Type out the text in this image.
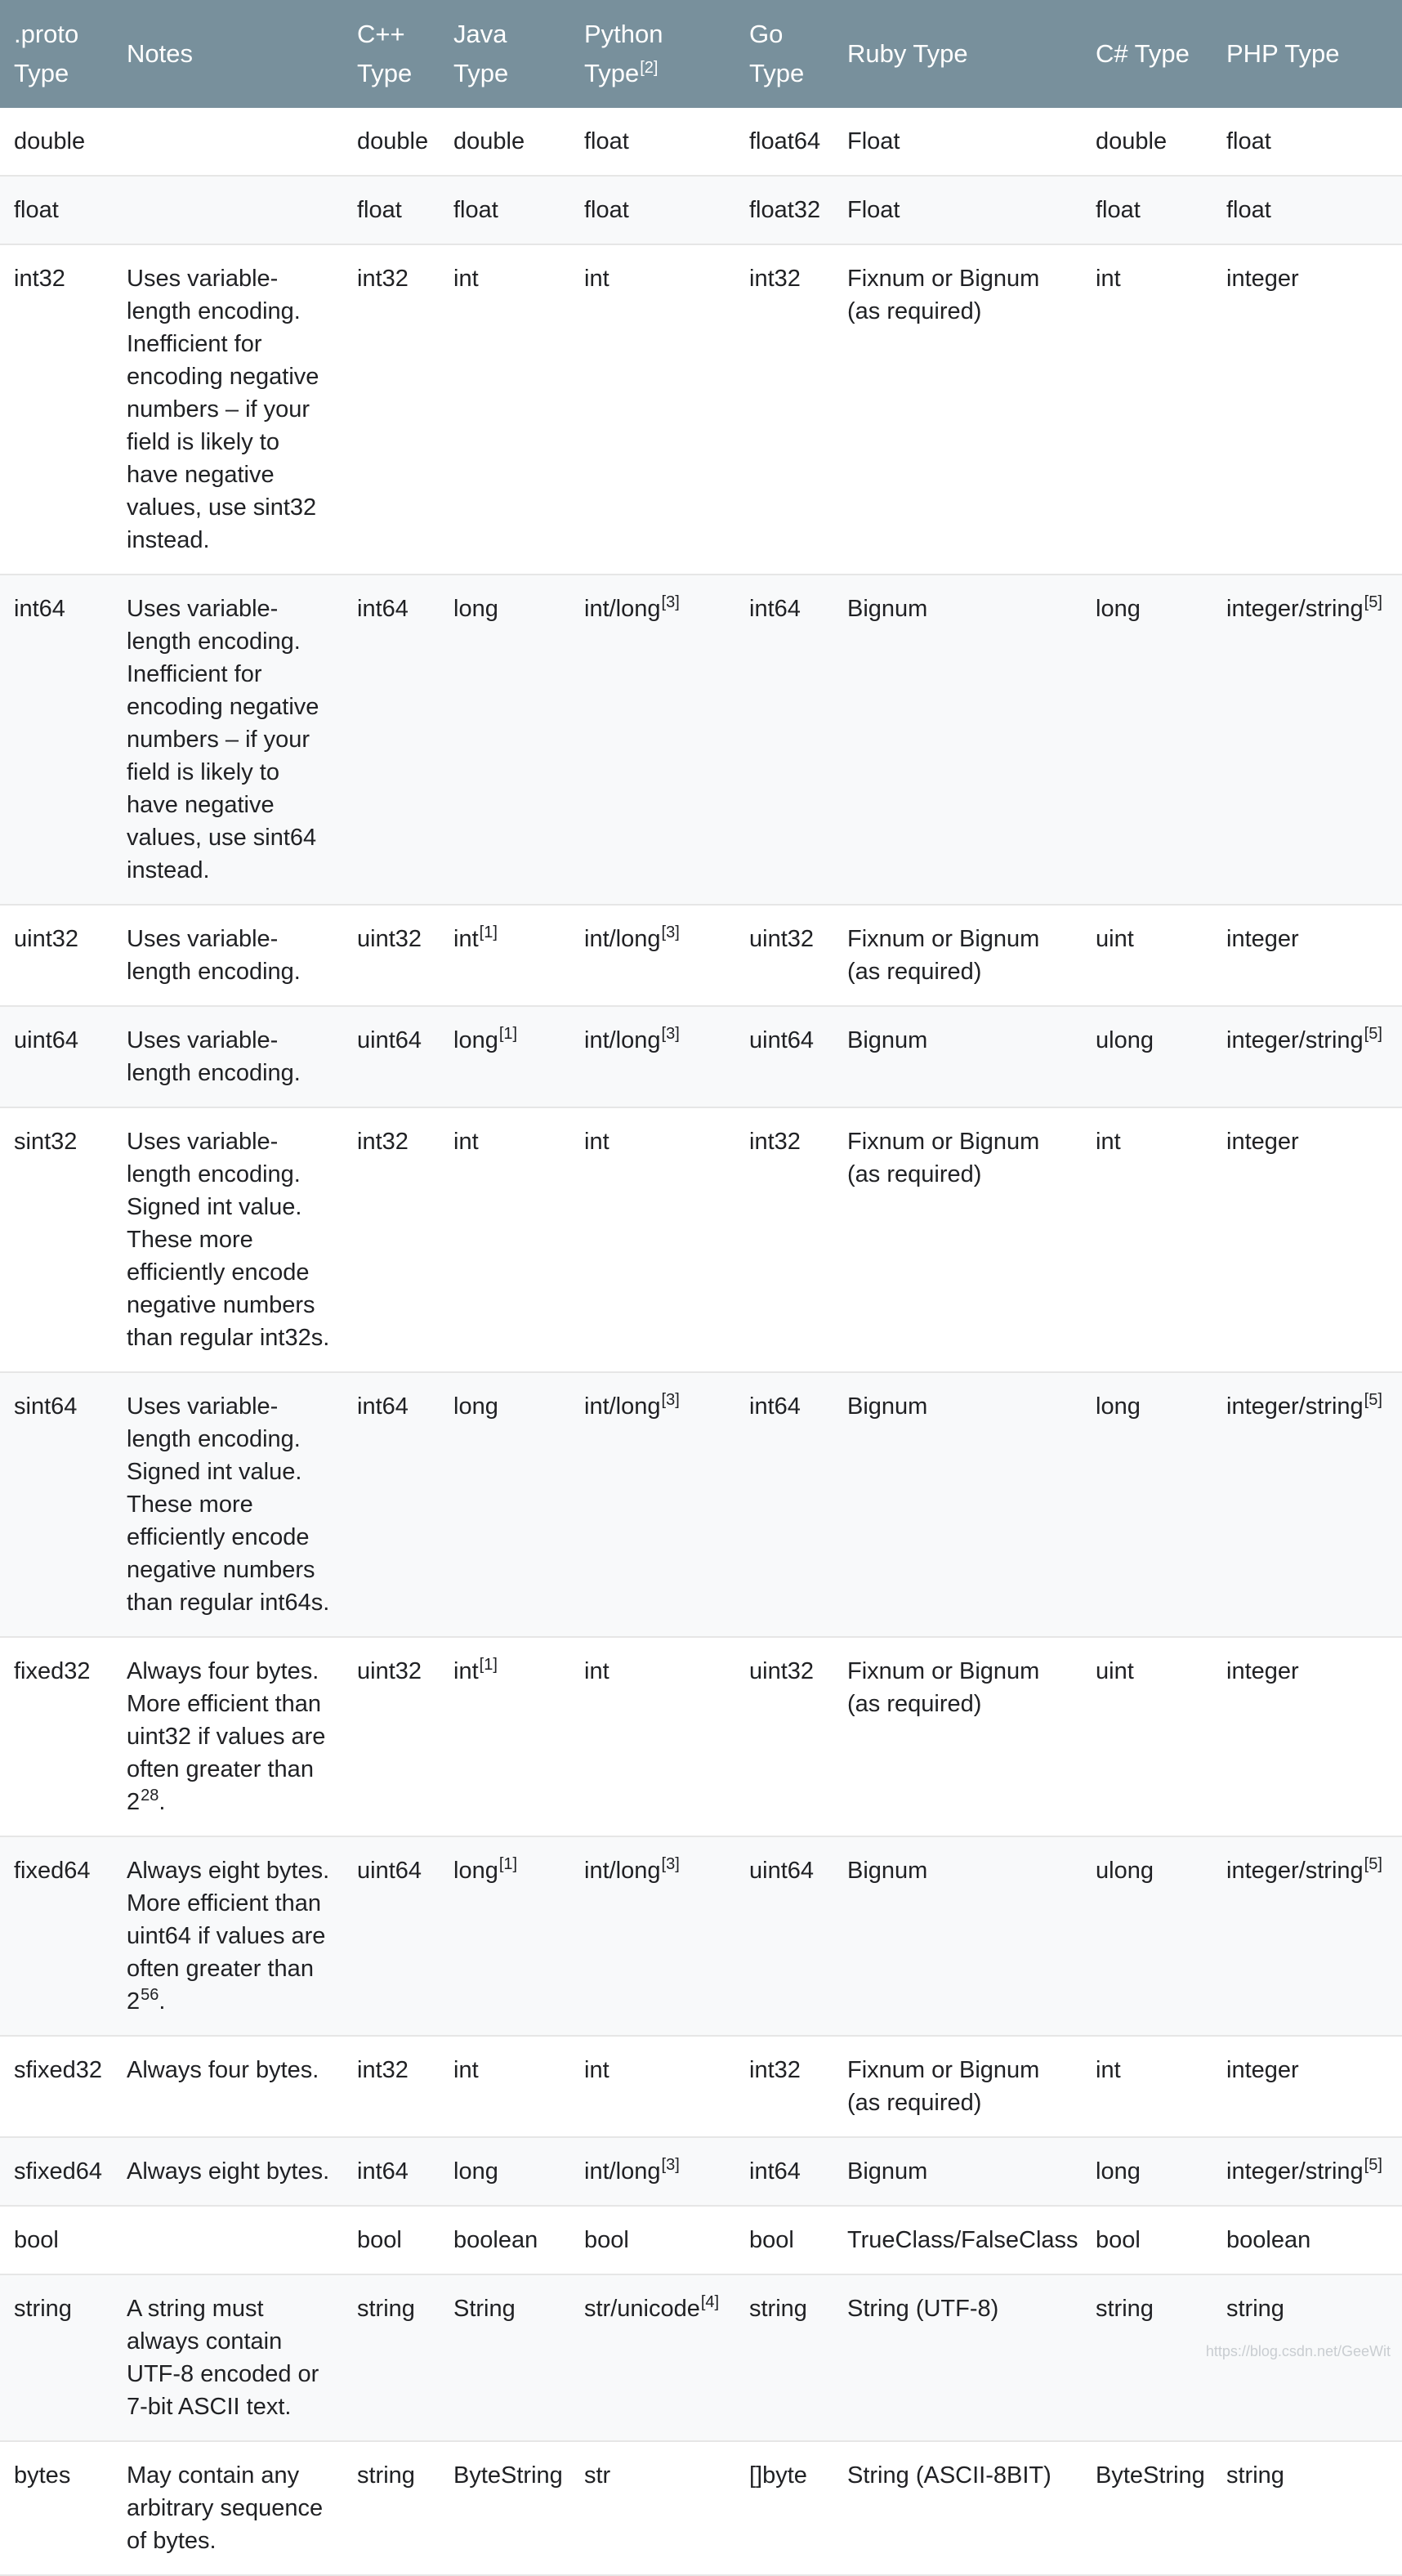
.proto Type	Notes	C++ Type	Java Type	Python Type[2]	Go Type	Ruby Type	C# Type	PHP Type
double		double	double	float	float64	Float	double	float
float		float	float	float	float32	Float	float	float
int32	Uses variable-length encoding. Inefficient for encoding negative numbers – if your field is likely to have negative values, use sint32 instead.	int32	int	int	int32	Fixnum or Bignum (as required)	int	integer
int64	Uses variable-length encoding. Inefficient for encoding negative numbers – if your field is likely to have negative values, use sint64 instead.	int64	long	int/long[3]	int64	Bignum	long	integer/string[5]
uint32	Uses variable-length encoding.	uint32	int[1]	int/long[3]	uint32	Fixnum or Bignum (as required)	uint	integer
uint64	Uses variable-length encoding.	uint64	long[1]	int/long[3]	uint64	Bignum	ulong	integer/string[5]
sint32	Uses variable-length encoding. Signed int value. These more efficiently encode negative numbers than regular int32s.	int32	int	int	int32	Fixnum or Bignum (as required)	int	integer
sint64	Uses variable-length encoding. Signed int value. These more efficiently encode negative numbers than regular int64s.	int64	long	int/long[3]	int64	Bignum	long	integer/string[5]
fixed32	Always four bytes. More efficient than uint32 if values are often greater than 2$^{28}$.	uint32	int[1]	int	uint32	Fixnum or Bignum (as required)	uint	integer
fixed64	Always eight bytes. More efficient than uint64 if values are often greater than 2$^{56}$.	uint64	long[1]	int/long[3]	uint64	Bignum	ulong	integer/string[5]
sfixed32	Always four bytes.	int32	int	int	int32	Fixnum or Bignum (as required)	int	integer
sfixed64	Always eight bytes.	int64	long	int/long[3]	int64	Bignum	long	integer/string[5]
bool		bool	boolean	bool	bool	TrueClass/FalseClass	bool	boolean
string	A string must always contain UTF-8 encoded or 7-bit ASCII text.	string	String	str/unicode[4]	string	String (UTF-8)	string	string
bytes	May contain any arbitrary sequence of bytes.	string	ByteString	str	[]byte	String (ASCII-8BIT)	ByteString	string
https://blog.csdn.net/GeeWit
